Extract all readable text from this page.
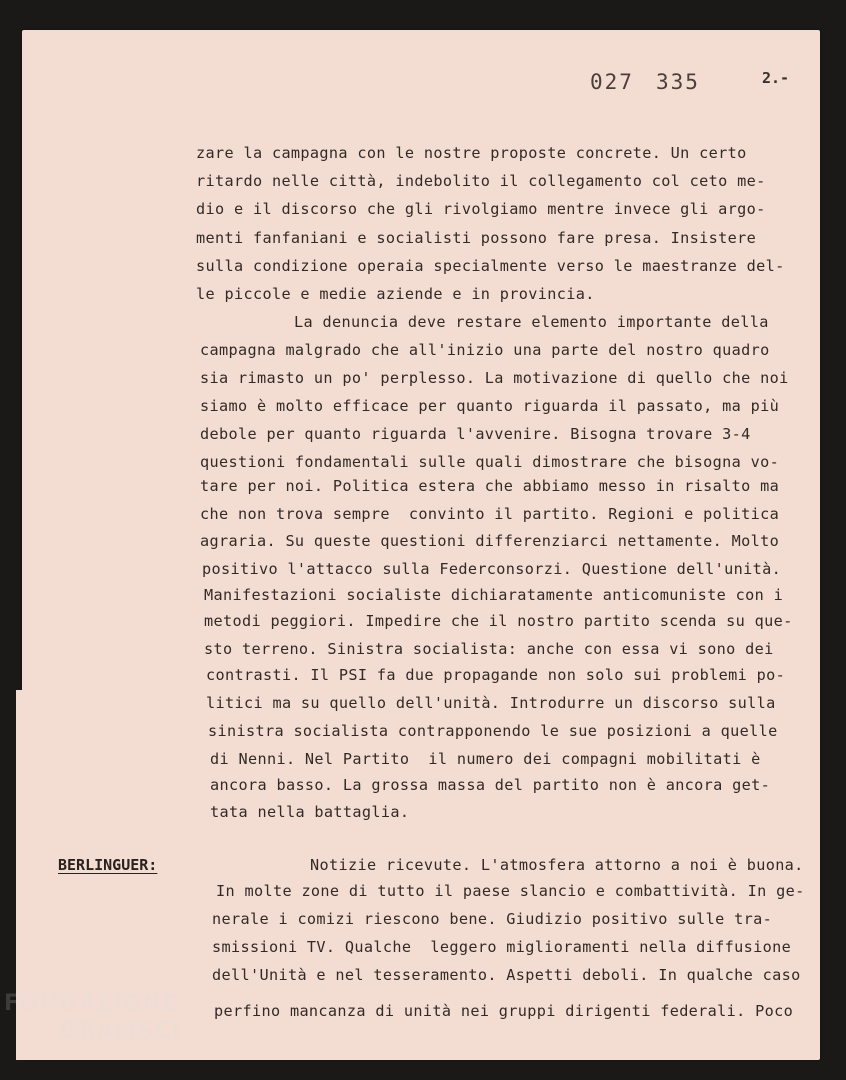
027 335	2.-
zare la campagna con le nostre proposte concrete. Un certo
ritardo nelle città, indebolito il collegamento col ceto me-
dio e il discorso che gli rivolgiamo mentre invece gli argo-
menti fanfaniani e socialisti possono fare presa. Insistere
sulla condizione operaia specialmente verso le maestranze del-
le piccole e medie aziende e in provincia.
La denuncia deve restare elemento importante della
campagna malgrado che all'inizio una parte del nostro quadro
sia rimasto un po' perplesso. La motivazione di quello che noi
siamo è molto efficace per quanto riguarda il passato, ma più
debole per quanto riguarda l'avvenire. Bisogna trovare 3-4
questioni fondamentali sulle quali dimostrare che bisogna vo-
tare per noi. Politica estera che abbiamo messo in risalto ma
che non trova sempre  convinto il partito. Regioni e politica
agraria. Su queste questioni differenziarci nettamente. Molto
positivo l'attacco sulla Federconsorzi. Questione dell'unità.
Manifestazioni socialiste dichiaratamente anticomuniste con i
metodi peggiori. Impedire che il nostro partito scenda su que-
sto terreno. Sinistra socialista: anche con essa vi sono dei
contrasti. Il PSI fa due propagande non solo sui problemi po-
litici ma su quello dell'unità. Introdurre un discorso sulla
sinistra socialista contrapponendo le sue posizioni a quelle
di Nenni. Nel Partito  il numero dei compagni mobilitati è
ancora basso. La grossa massa del partito non è ancora get-
tata nella battaglia.
BERLINGUER:	Notizie ricevute. L'atmosfera attorno a noi è buona.
In molte zone di tutto il paese slancio e combattività. In ge-
nerale i comizi riescono bene. Giudizio positivo sulle tra-
smissioni TV. Qualche  leggero miglioramenti nella diffusione
dell'Unità e nel tesseramento. Aspetti deboli. In qualche caso
perfino mancanza di unità nei gruppi dirigenti federali. Poco
FONDAZIONE
GRAMSCI
